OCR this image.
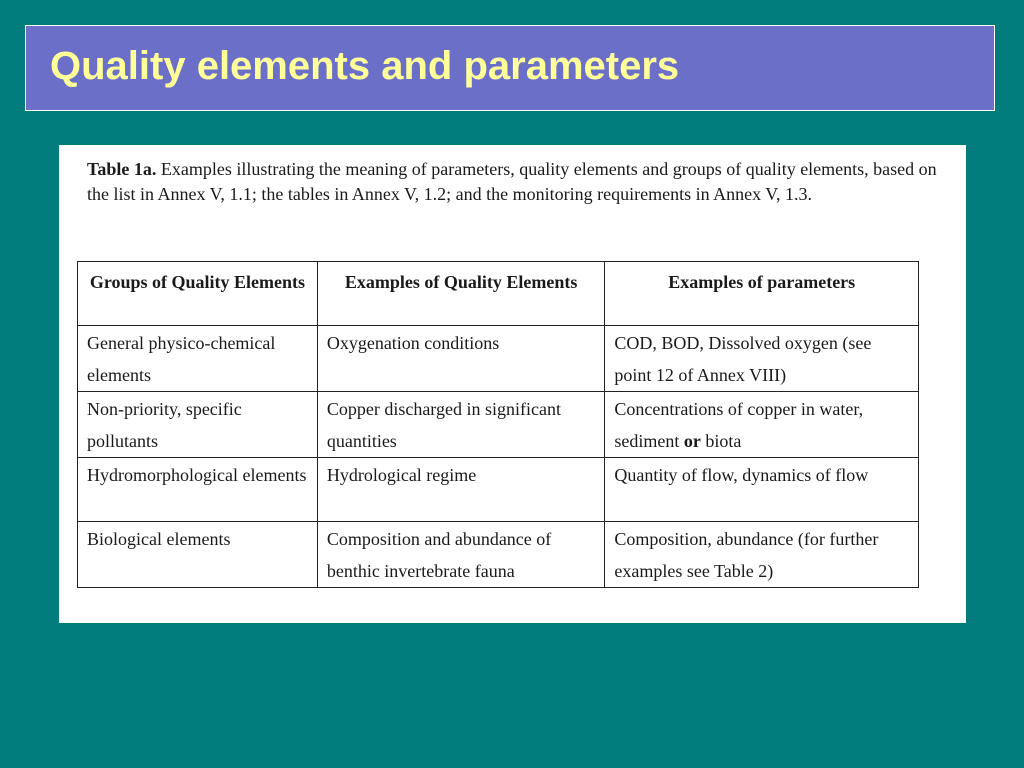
Quality elements and parameters

Table 1a. Examples illustrating the meaning of parameters, quality elements and groups of quality elements, based on the list in Annex V, 1.1; the tables in Annex V, 1.2; and the monitoring requirements in Annex V, 1.3.

Groups of Quality Elements	Examples of Quality Elements	Examples of parameters
General physico-chemical elements	Oxygenation conditions	COD, BOD, Dissolved oxygen (see point 12 of Annex VIII)
Non-priority, specific pollutants	Copper discharged in significant quantities	Concentrations of copper in water, sediment or biota
Hydromorphological elements	Hydrological regime	Quantity of flow, dynamics of flow
Biological elements	Composition and abundance of benthic invertebrate fauna	Composition, abundance (for further examples see Table 2)
